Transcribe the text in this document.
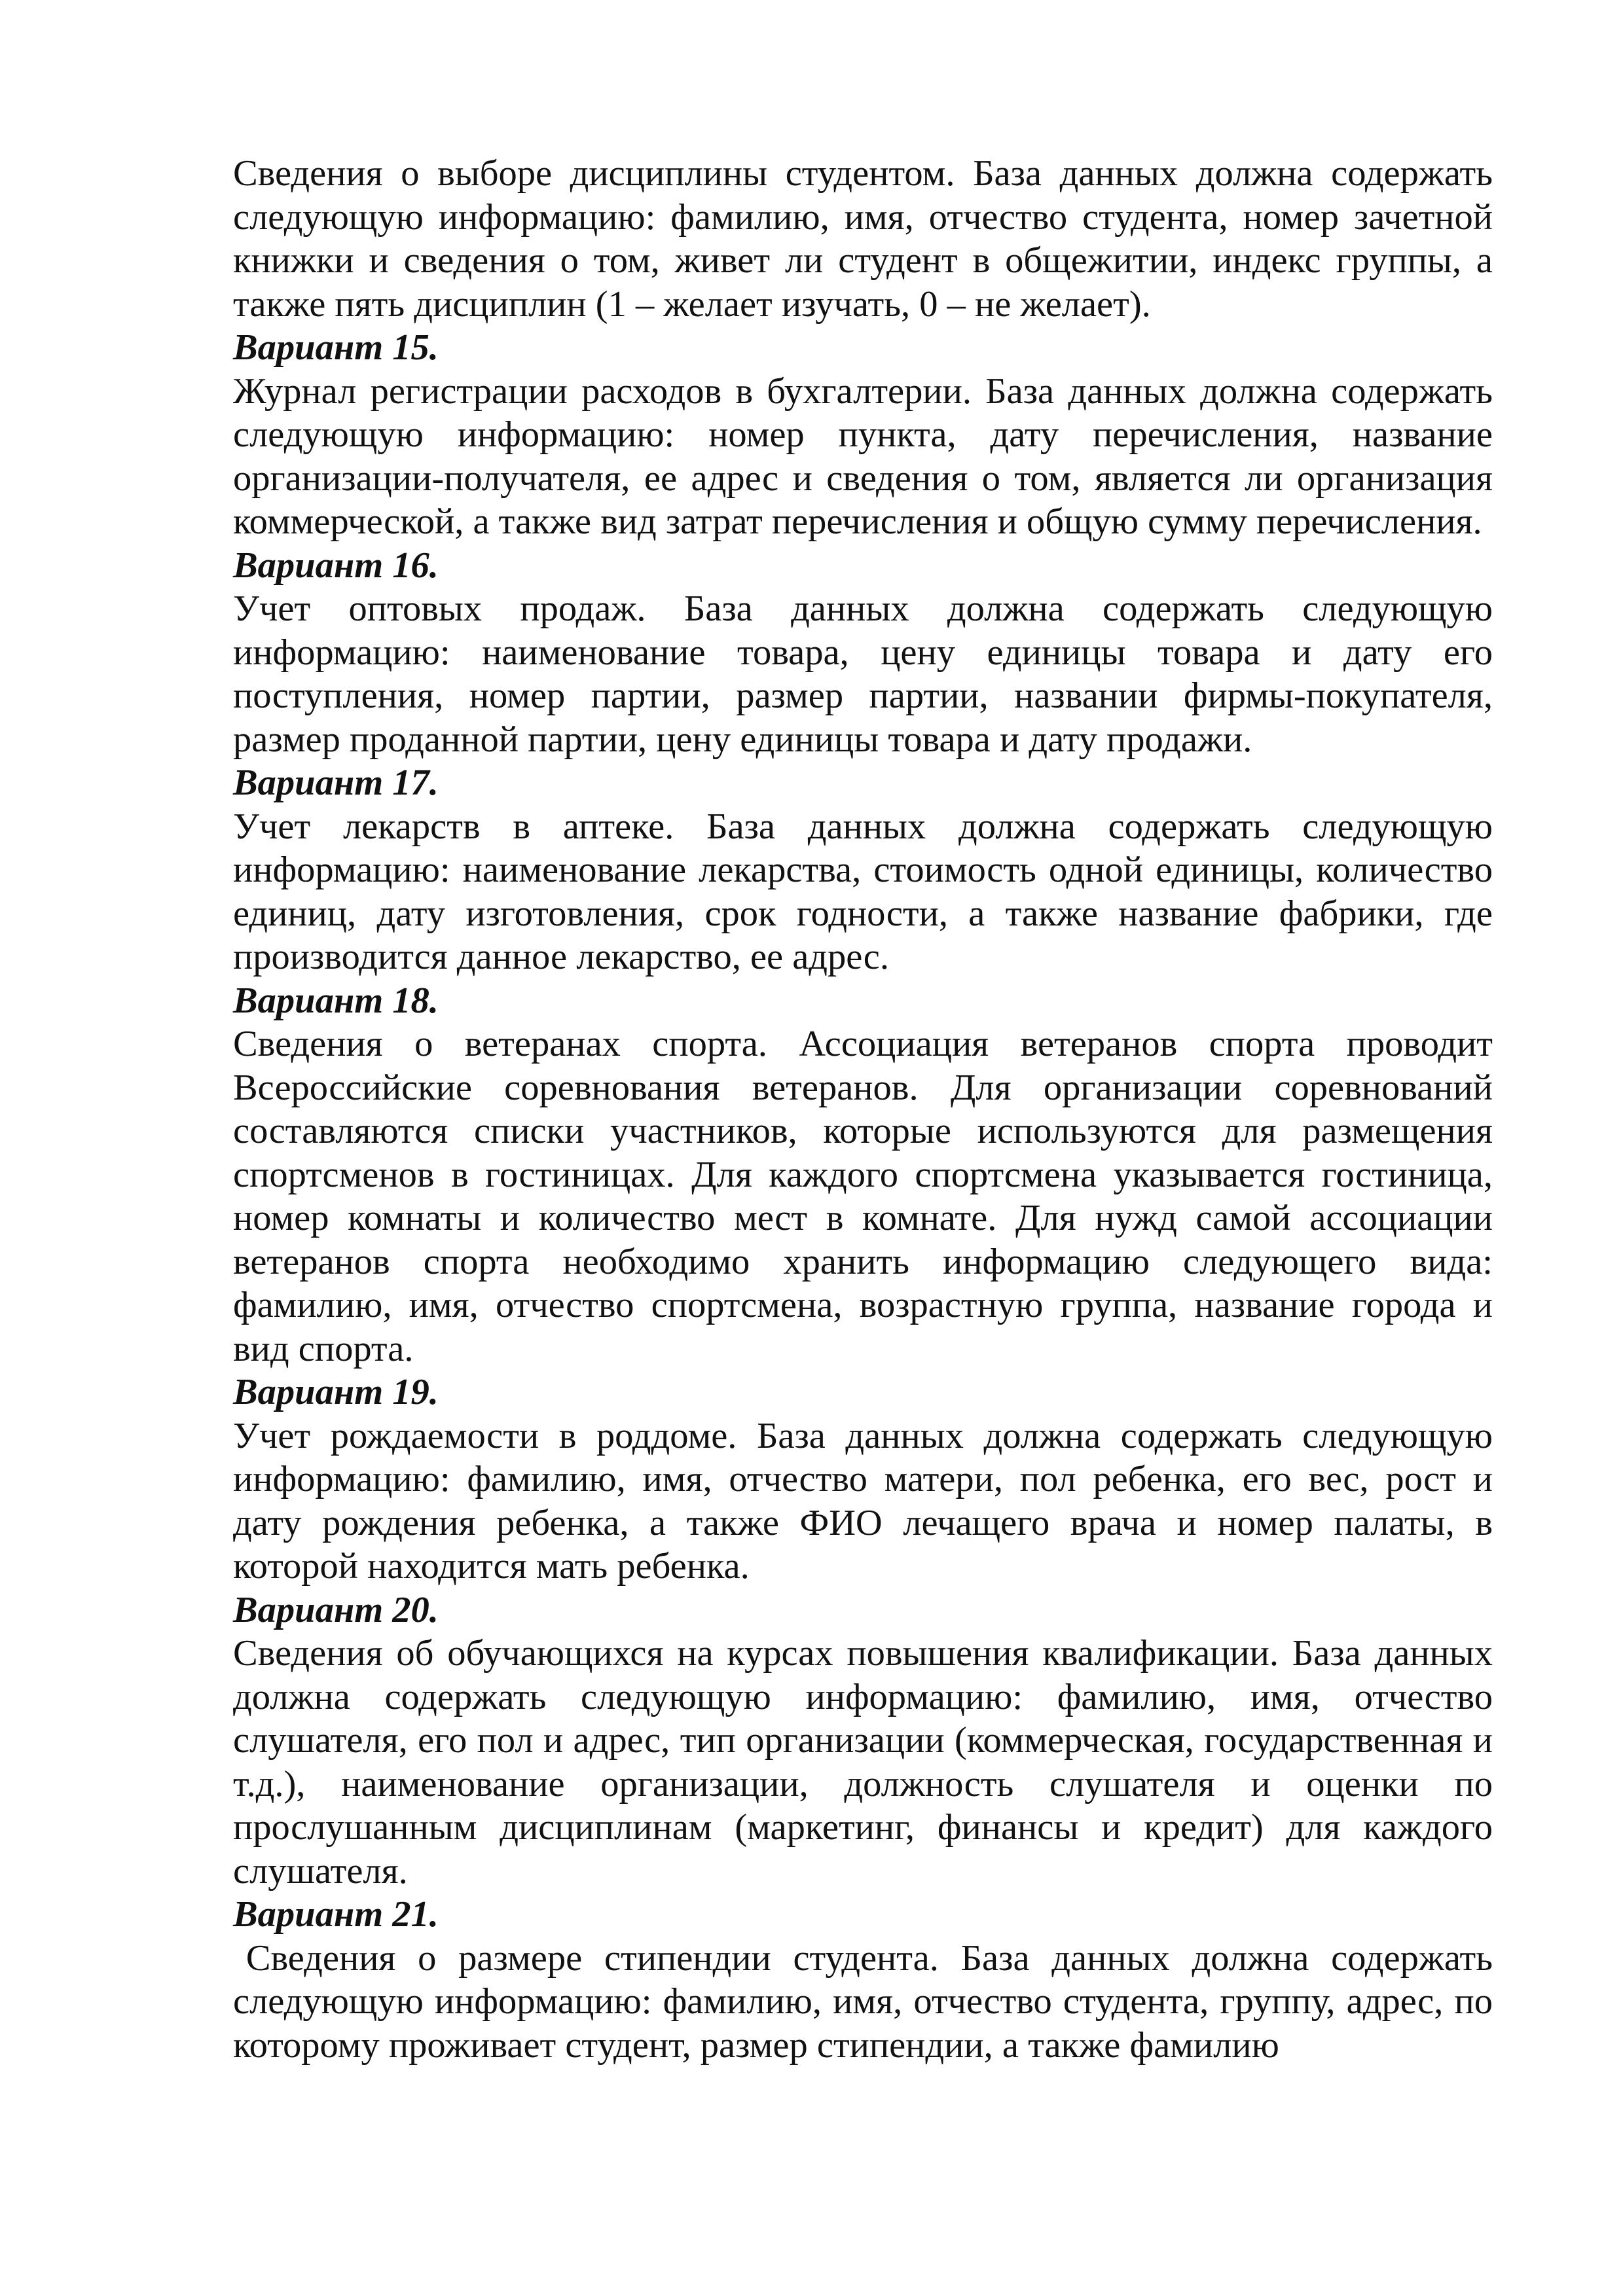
Сведения о выборе дисциплины студентом. База данных должна содержать следующую информацию: фамилию, имя, отчество студента, номер зачетной книжки и сведения о том, живет ли студент в общежитии, индекс группы, а также пять дисциплин (1 – желает изучать, 0 – не желает).

Вариант 15.

Журнал регистрации расходов в бухгалтерии. База данных должна содержать следующую информацию: номер пункта, дату перечисления, название организации-получателя, ее адрес и сведения о том, является ли организация коммерческой, а также вид затрат перечисления и общую сумму перечисления.

Вариант 16.

Учет оптовых продаж. База данных должна содержать следующую информацию: наименование товара, цену единицы товара и дату его поступления, номер партии, размер партии, названии фирмы-покупателя, размер проданной партии, цену единицы товара и дату продажи.

Вариант 17.

Учет лекарств в аптеке. База данных должна содержать следующую информацию: наименование лекарства, стоимость одной единицы, количество единиц, дату изготовления, срок годности, а также название фабрики, где производится данное лекарство, ее адрес.

Вариант 18.

Сведения о ветеранах спорта. Ассоциация ветеранов спорта проводит Всероссийские соревнования ветеранов. Для организации соревнований составляются списки участников, которые используются для размещения спортсменов в гостиницах. Для каждого спортсмена указывается гостиница, номер комнаты и количество мест в комнате. Для нужд самой ассоциации ветеранов спорта необходимо хранить информацию следующего вида: фамилию, имя, отчество спортсмена, возрастную группа, название города и вид спорта.

Вариант 19.

Учет рождаемости в роддоме. База данных должна содержать следующую информацию: фамилию, имя, отчество матери, пол ребенка, его вес, рост и дату рождения ребенка, а также ФИО лечащего врача и номер палаты, в которой находится мать ребенка.

Вариант 20.

Сведения об обучающихся на курсах повышения квалификации. База данных должна содержать следующую информацию: фамилию, имя, отчество слушателя, его пол и адрес, тип организации (коммерческая, государственная и т.д.), наименование организации, должность слушателя и оценки по прослушанным дисциплинам (маркетинг, финансы и кредит) для каждого слушателя.

Вариант 21.

Сведения о размере стипендии студента. База данных должна содержать следующую информацию: фамилию, имя, отчество студента, группу, адрес, по которому проживает студент, размер стипендии, а также фамилию
